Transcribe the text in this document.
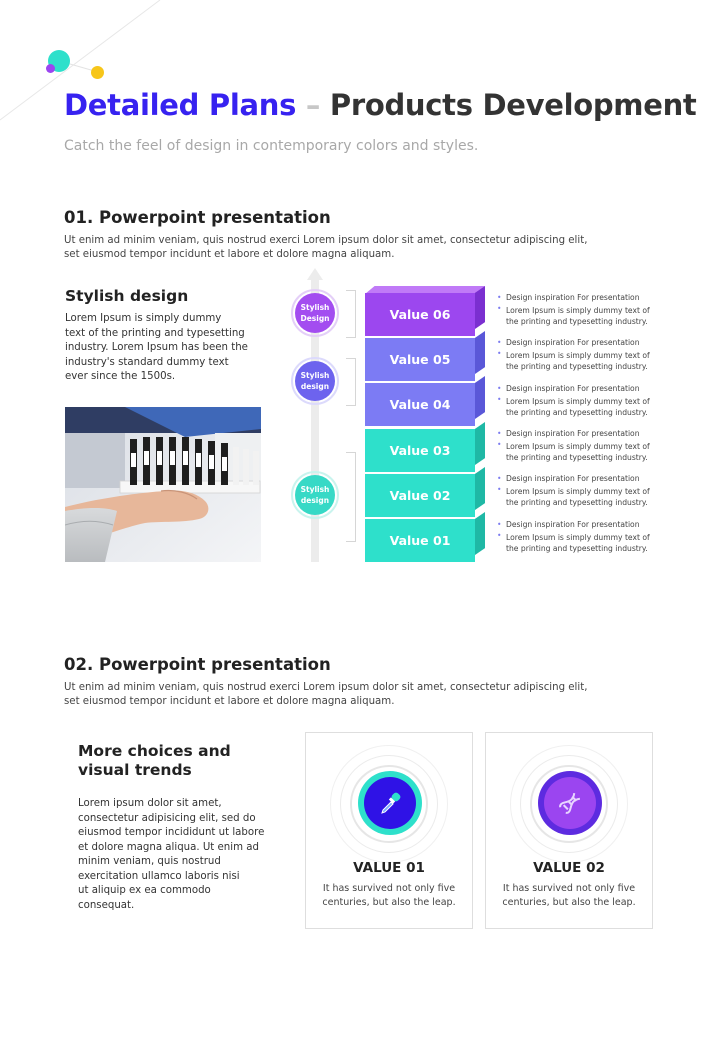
Detailed Plans – Products Development
Catch the feel of design in contemporary colors and styles.
01. Powerpoint presentation
Ut enim ad minim veniam, quis nostrud exerci Lorem ipsum dolor sit amet, consectetur adipiscing elit,
set eiusmod tempor incidunt et labore et dolore magna aliquam.
Stylish design
Lorem Ipsum is simply dummy
text of the printing and typesetting
industry. Lorem Ipsum has been the
industry's standard dummy text
ever since the 1500s.
Stylish
Design
Stylish
design
Stylish
design
Value 06
Value 05
Value 04
Value 03
Value 02
Value 01
• Design inspiration For presentation
• Lorem Ipsum is simply dummy text of
the printing and typesetting industry.
• Design inspiration For presentation
• Lorem Ipsum is simply dummy text of
the printing and typesetting industry.
• Design inspiration For presentation
• Lorem Ipsum is simply dummy text of
the printing and typesetting industry.
• Design inspiration For presentation
• Lorem Ipsum is simply dummy text of
the printing and typesetting industry.
• Design inspiration For presentation
• Lorem Ipsum is simply dummy text of
the printing and typesetting industry.
• Design inspiration For presentation
• Lorem Ipsum is simply dummy text of
the printing and typesetting industry.
02. Powerpoint presentation
Ut enim ad minim veniam, quis nostrud exerci Lorem ipsum dolor sit amet, consectetur adipiscing elit,
set eiusmod tempor incidunt et labore et dolore magna aliquam.
More choices and
visual trends
Lorem ipsum dolor sit amet,
consectetur adipisicing elit, sed do
eiusmod tempor incididunt ut labore
et dolore magna aliqua. Ut enim ad
minim veniam, quis nostrud
exercitation ullamco laboris nisi
ut aliquip ex ea commodo
consequat.
VALUE 01
It has survived not only five
centuries, but also the leap.
VALUE 02
It has survived not only five
centuries, but also the leap.
